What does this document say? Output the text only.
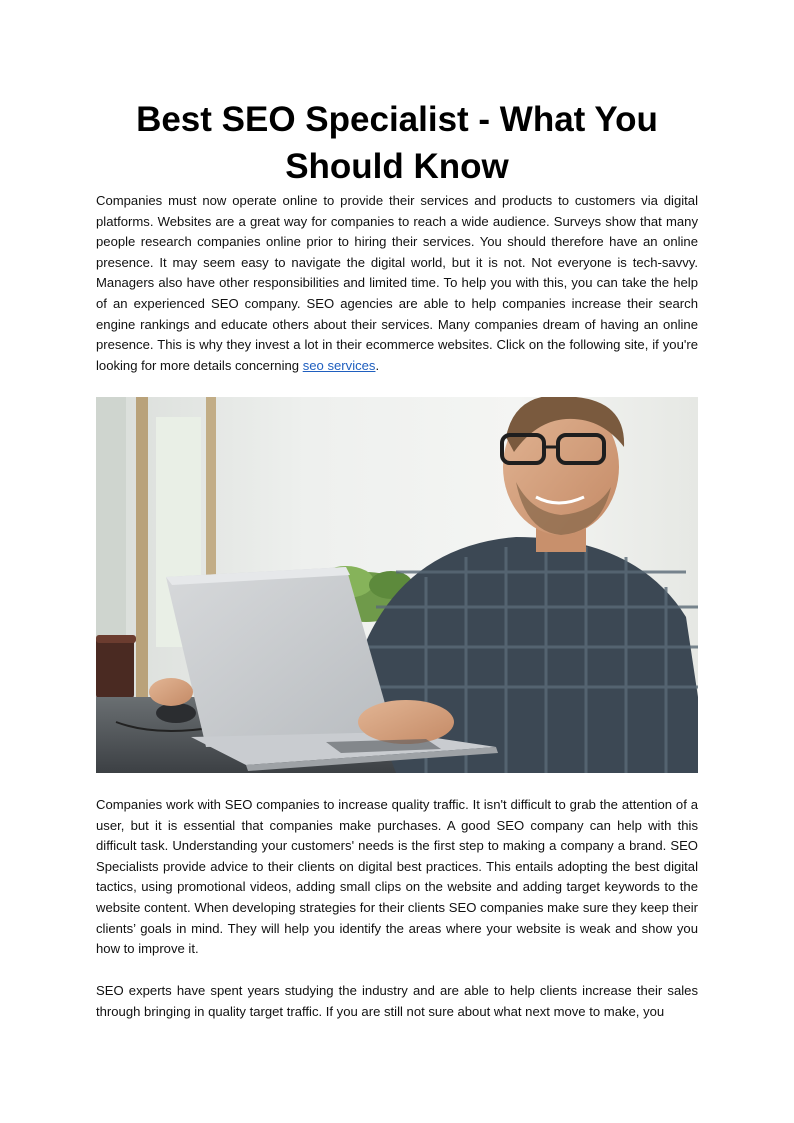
Best SEO Specialist - What You Should Know

Companies must now operate online to provide their services and products to customers via digital platforms. Websites are a great way for companies to reach a wide audience. Surveys show that many people research companies online prior to hiring their services. You should therefore have an online presence. It may seem easy to navigate the digital world, but it is not. Not everyone is tech-savvy. Managers also have other responsibilities and limited time. To help you with this, you can take the help of an experienced SEO company. SEO agencies are able to help companies increase their search engine rankings and educate others about their services. Many companies dream of having an online presence. This is why they invest a lot in their ecommerce websites. Click on the following site, if you're looking for more details concerning seo services.

Companies work with SEO companies to increase quality traffic. It isn't difficult to grab the attention of a user, but it is essential that companies make purchases. A good SEO company can help with this difficult task. Understanding your customers' needs is the first step to making a company a brand. SEO Specialists provide advice to their clients on digital best practices. This entails adopting the best digital tactics, using promotional videos, adding small clips on the website and adding target keywords to the website content. When developing strategies for their clients SEO companies make sure they keep their clients’ goals in mind. They will help you identify the areas where your website is weak and show you how to improve it.

SEO experts have spent years studying the industry and are able to help clients increase their sales through bringing in quality target traffic. If you are still not sure about what next move to make, you
